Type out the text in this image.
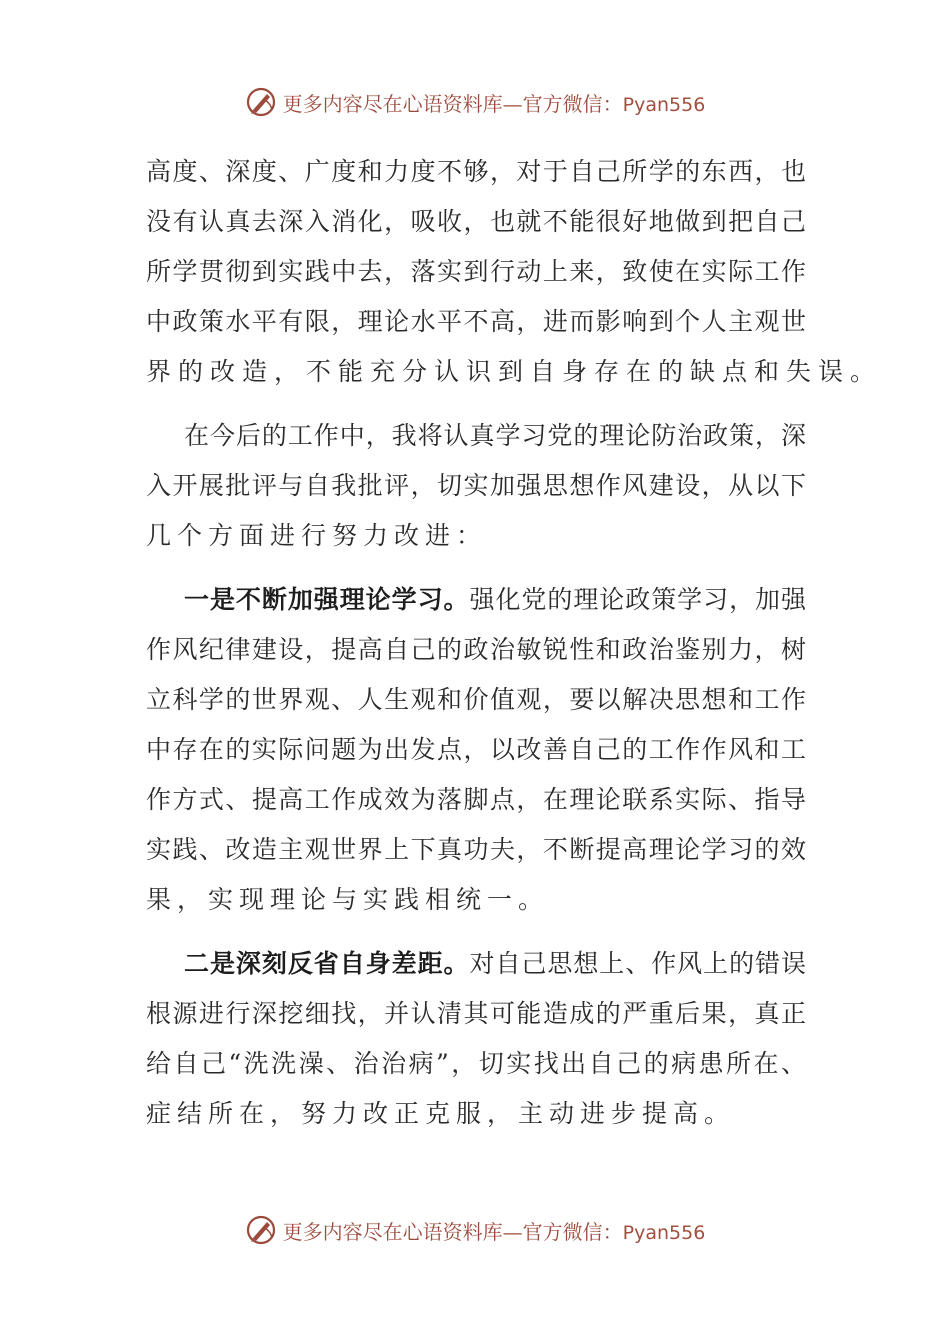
更多内容尽在心语资料库—官方微信：Pyan556
高度、深度、广度和力度不够，对于自己所学的东西，也
没有认真去深入消化，吸收，也就不能很好地做到把自己
所学贯彻到实践中去，落实到行动上来，致使在实际工作
中政策水平有限，理论水平不高，进而影响到个人主观世
界的改造，不能充分认识到自身存在的缺点和失误。
在今后的工作中，我将认真学习党的理论防治政策，深
入开展批评与自我批评，切实加强思想作风建设，从以下
几个方面进行努力改进：
一是不断加强理论学习。强化党的理论政策学习，加强
作风纪律建设，提高自己的政治敏锐性和政治鉴别力，树
立科学的世界观、人生观和价值观，要以解决思想和工作
中存在的实际问题为出发点，以改善自己的工作作风和工
作方式、提高工作成效为落脚点，在理论联系实际、指导
实践、改造主观世界上下真功夫，不断提高理论学习的效
果，实现理论与实践相统一。
二是深刻反省自身差距。对自己思想上、作风上的错误
根源进行深挖细找，并认清其可能造成的严重后果，真正
给自己“洗洗澡、治治病”，切实找出自己的病患所在、
症结所在，努力改正克服，主动进步提高。
更多内容尽在心语资料库—官方微信：Pyan556
